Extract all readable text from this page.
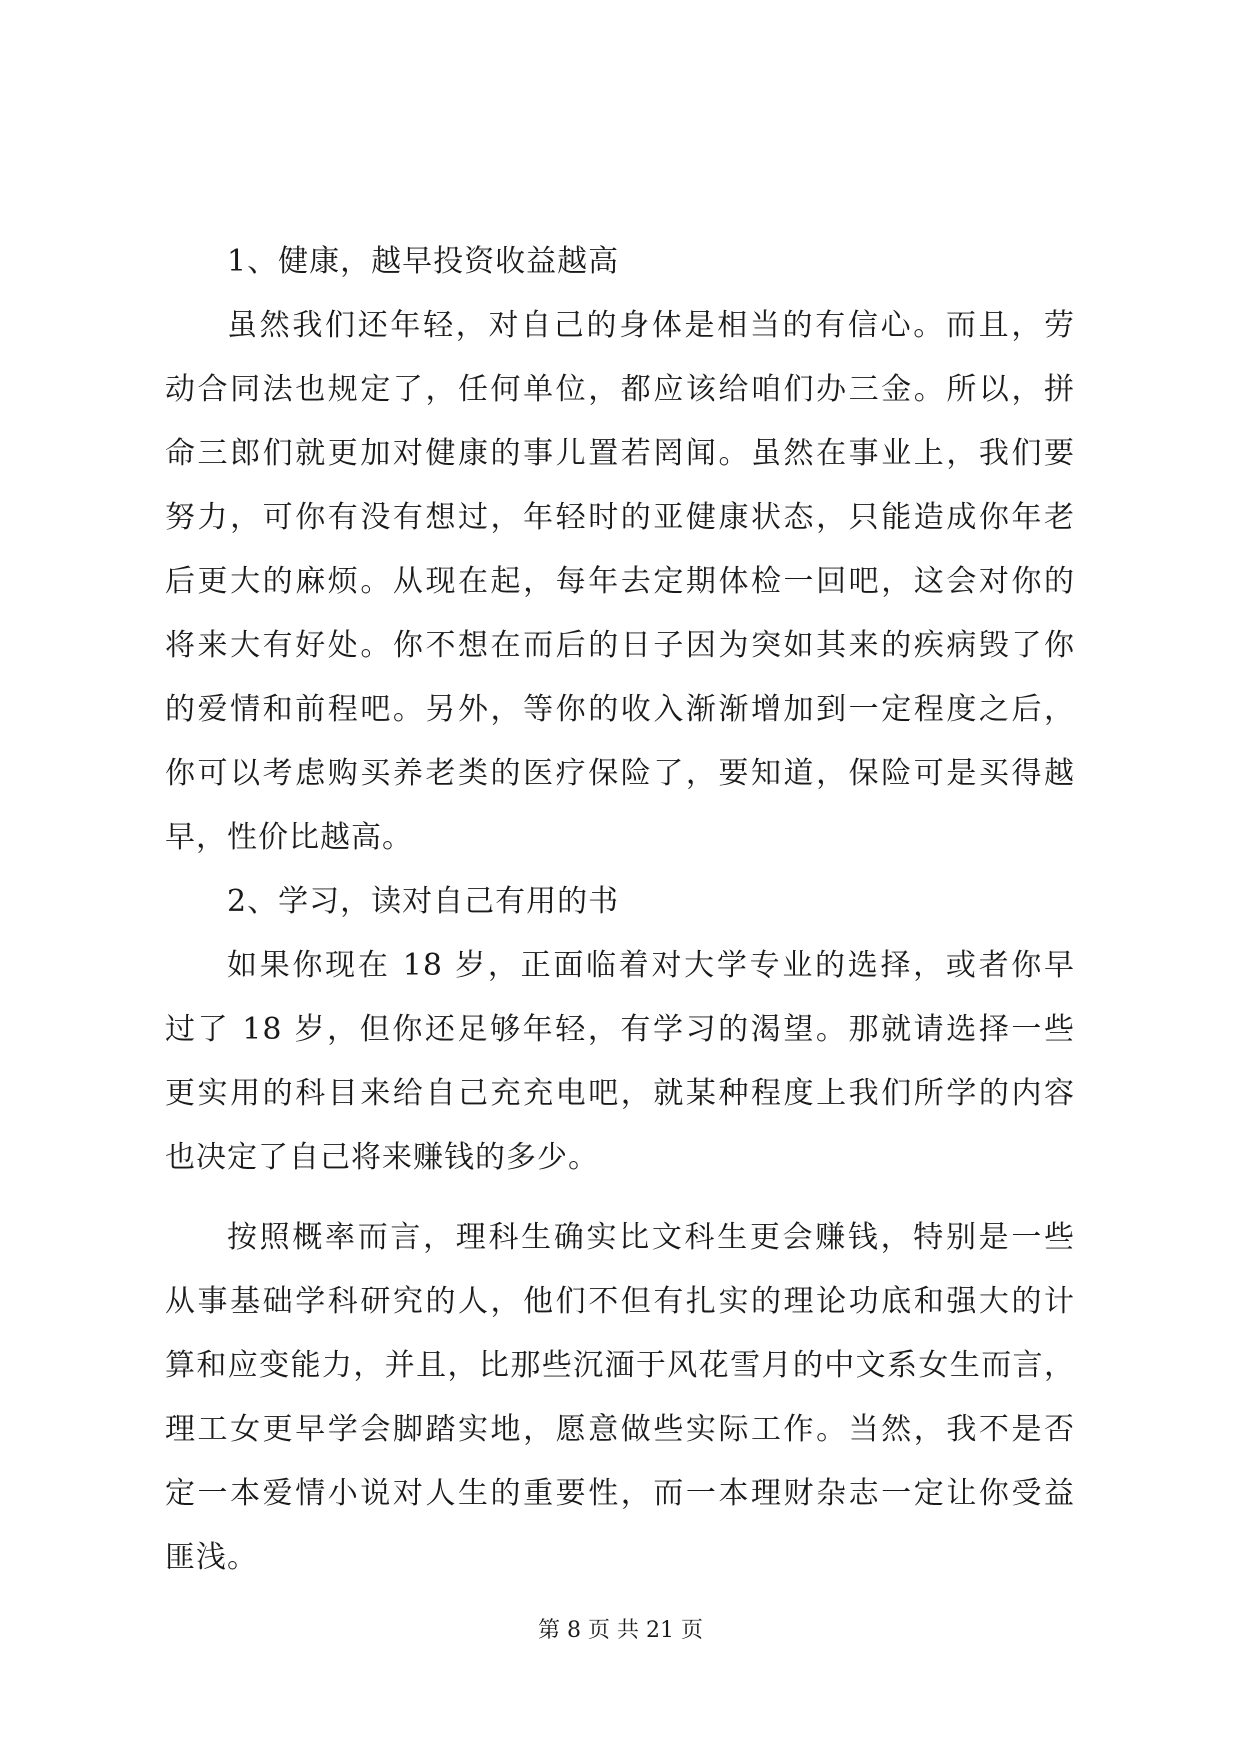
1、健康，越早投资收益越高
虽然我们还年轻，对自己的身体是相当的有信心。而且，劳
动合同法也规定了，任何单位，都应该给咱们办三金。所以，拼
命三郎们就更加对健康的事儿置若罔闻。虽然在事业上，我们要
努力，可你有没有想过，年轻时的亚健康状态，只能造成你年老
后更大的麻烦。从现在起，每年去定期体检一回吧，这会对你的
将来大有好处。你不想在而后的日子因为突如其来的疾病毁了你
的爱情和前程吧。另外，等你的收入渐渐增加到一定程度之后，
你可以考虑购买养老类的医疗保险了，要知道，保险可是买得越
早，性价比越高。
2、学习，读对自己有用的书
如果你现在 18 岁，正面临着对大学专业的选择，或者你早
过了 18 岁，但你还足够年轻，有学习的渴望。那就请选择一些
更实用的科目来给自己充充电吧，就某种程度上我们所学的内容
也决定了自己将来赚钱的多少。
按照概率而言，理科生确实比文科生更会赚钱，特别是一些
从事基础学科研究的人，他们不但有扎实的理论功底和强大的计
算和应变能力，并且，比那些沉湎于风花雪月的中文系女生而言，
理工女更早学会脚踏实地，愿意做些实际工作。当然，我不是否
定一本爱情小说对人生的重要性，而一本理财杂志一定让你受益
匪浅。
第 8 页 共 21 页
